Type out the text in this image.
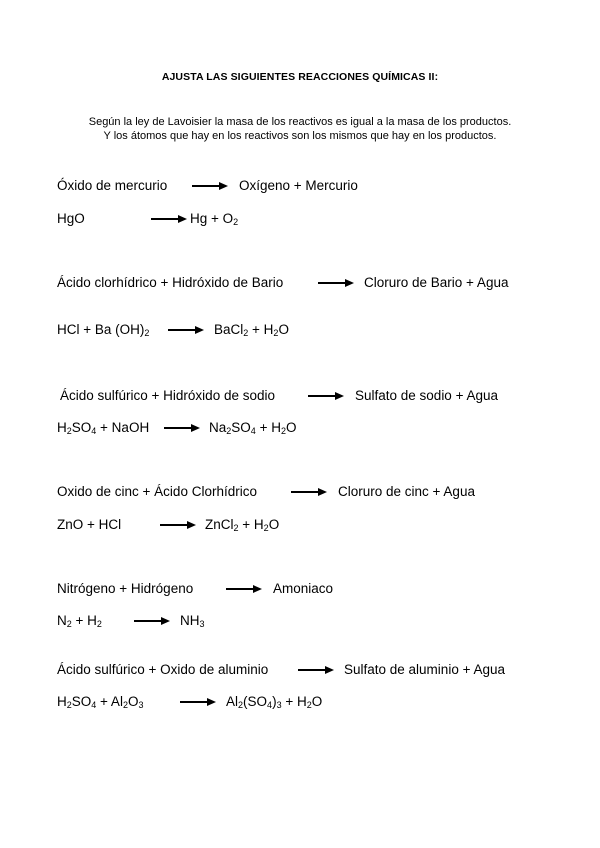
AJUSTA LAS SIGUIENTES REACCIONES QUÍMICAS II:
Según la ley de Lavoisier la masa de los reactivos es igual a la masa de los productos.
Y los átomos que hay en los reactivos son los mismos que hay en los productos.
Óxido de mercurio	Oxígeno + Mercurio
HgO	$Hg + O_2$
Ácido clorhídrico + Hidróxido de Bario	Cloruro de Bario + Agua
HCl + Ba $(OH)_2$	BaCl$_2$ + $H_2O$
Ácido sulfúrico + Hidróxido de sodio	Sulfato de sodio + Agua
$H_2SO_4$ + NaOH	$Na_2SO_4 + H_2O$
Oxido de cinc + Ácido Clorhídrico	Cloruro de cinc + Agua
ZnO + HCl	ZnCl$_2$ + $H_2O$
Nitrógeno + Hidrógeno	Amoniaco
$N_2 + H_2$	$NH_3$
Ácido sulfúrico + Oxido de aluminio	Sulfato de aluminio + Agua
$H_2SO_4 + Al_2O_3$	$Al_2(SO_4)_3 + H_2O$
